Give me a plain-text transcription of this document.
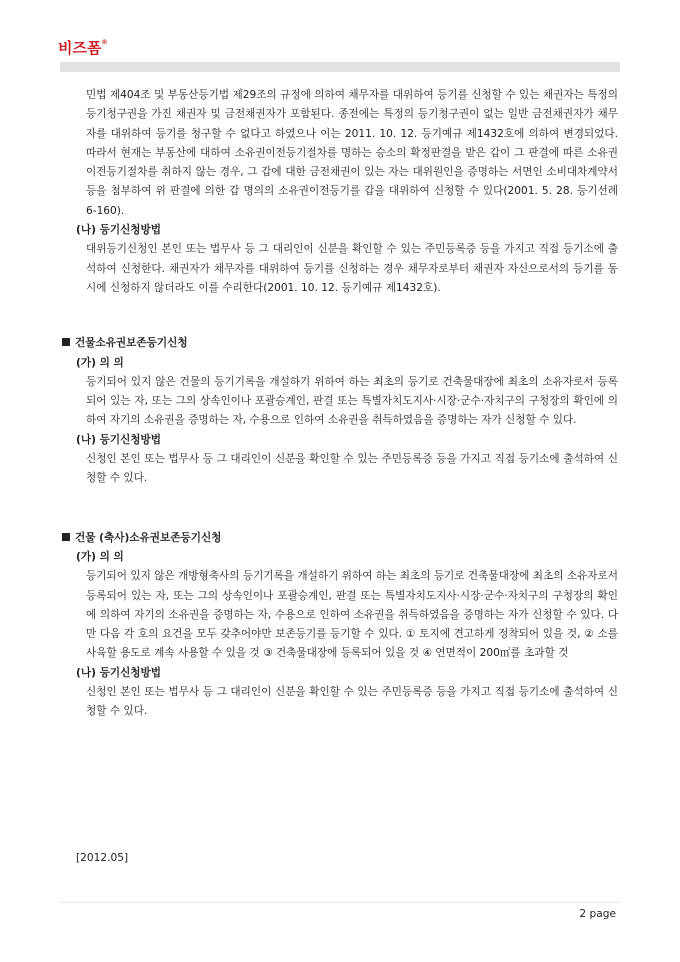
비즈폼®

민법 제404조 및 부동산등기법 제29조의 규정에 의하여 채무자를 대위하여 등기를 신청할 수 있는 채권자는 특정의 등기청구권을 가진 채권자 및 금전채권자가 포함된다. 종전에는 특정의 등기청구권이 없는 일반 금전채권자가 채무자를 대위하여 등기를 청구할 수 없다고 하였으나 이는 2011. 10. 12. 등기예규 제1432호에 의하여 변경되었다. 따라서 현재는 부동산에 대하여 소유권이전등기절차를 명하는 승소의 확정판결을 받은 갑이 그 판결에 따른 소유권이전등기절차를 취하지 않는 경우, 그 갑에 대한 금전채권이 있는 자는 대위원인을 증명하는 서면인 소비대차계약서 등을 첨부하여 위 판결에 의한 갑 명의의 소유권이전등기를 갑을 대위하여 신청할 수 있다(2001. 5. 28. 등기선례 6-160).

(나) 등기신청방법

대위등기신청인 본인 또는 법무사 등 그 대리인이 신분을 확인할 수 있는 주민등록증 등을 가지고 직접 등기소에 출석하여 신청한다. 채권자가 채무자를 대위하여 등기를 신청하는 경우 채무자로부터 채권자 자신으로서의 등기를 동시에 신청하지 않더라도 이를 수리한다(2001. 10. 12. 등기예규 제1432호).

건물소유권보존등기신청

(가) 의 의

등기되어 있지 않은 건물의 등기기록을 개설하기 위하여 하는 최초의 등기로 건축물대장에 최초의 소유자로서 등록되어 있는 자, 또는 그의 상속인이나 포괄승계인, 판결 또는 특별자치도지사·시장·군수·자치구의 구청장의 확인에 의하여 자기의 소유권을 증명하는 자, 수용으로 인하여 소유권을 취득하였음을 증명하는 자가 신청할 수 있다.

(나) 등기신청방법

신청인 본인 또는 법무사 등 그 대리인이 신분을 확인할 수 있는 주민등록증 등을 가지고 직접 등기소에 출석하여 신청할 수 있다.

건물 (축사)소유권보존등기신청

(가) 의 의

등기되어 있지 않은 개방형축사의 등기기록을 개설하기 위하여 하는 최초의 등기로 건축물대장에 최초의 소유자로서 등록되어 있는 자, 또는 그의 상속인이나 포괄승계인, 판결 또는 특별자치도지사·시장·군수·자치구의 구청장의 확인에 의하여 자기의 소유권을 증명하는 자, 수용으로 인하여 소유권을 취득하였음을 증명하는 자가 신청할 수 있다. 다만 다음 각 호의 요건을 모두 갖추어야만 보존등기를 등기할 수 있다. ① 토지에 견고하게 정착되어 있을 것, ② 소를 사육할 용도로 계속 사용할 수 있을 것 ③ 건축물대장에 등록되어 있을 것 ④ 연면적이 200㎡를 초과할 것

(나) 등기신청방법

신청인 본인 또는 법무사 등 그 대리인이 신분을 확인할 수 있는 주민등록증 등을 가지고 직접 등기소에 출석하여 신청할 수 있다.

[2012.05]
2 page
